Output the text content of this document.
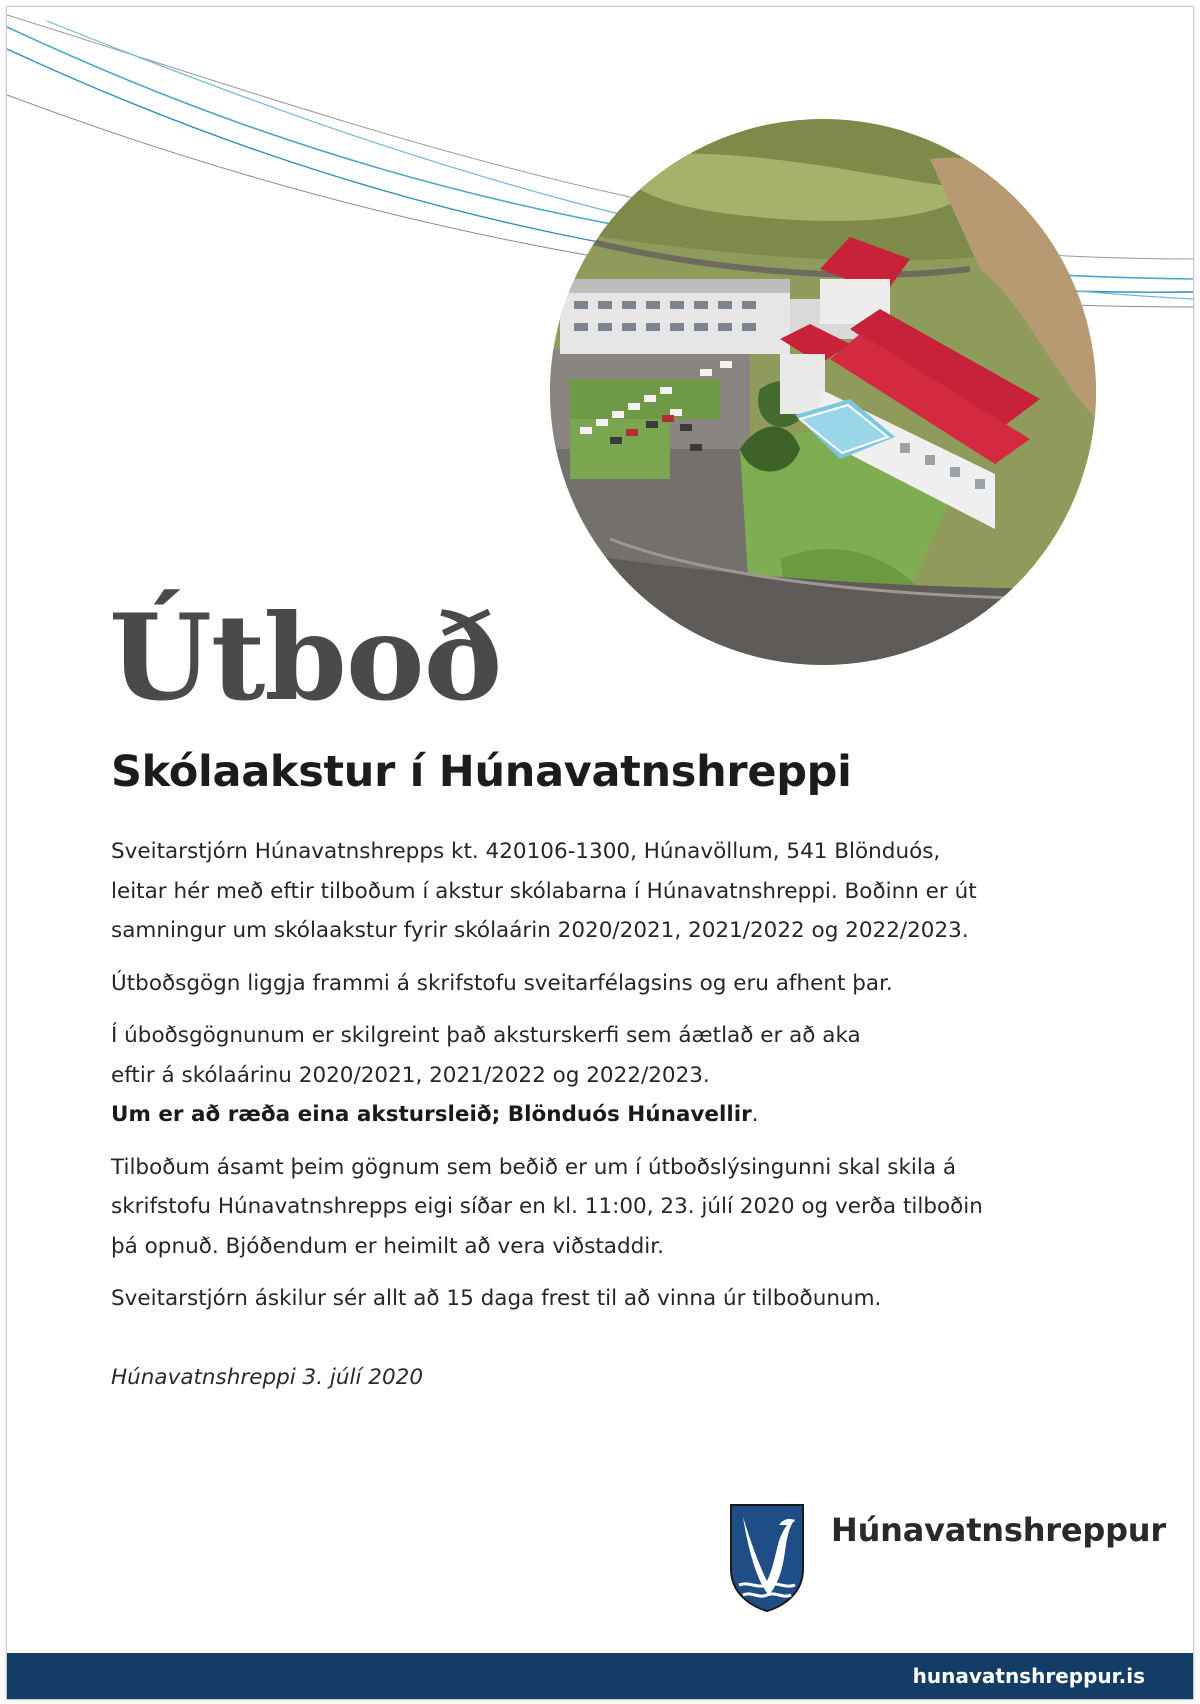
Útboð
Skólaakstur í Húnavatnshreppi

Sveitarstjórn Húnavatnshrepps kt. 420106-1300, Húnavöllum, 541 Blönduós,
leitar hér með eftir tilboðum í akstur skólabarna í Húnavatnshreppi. Boðinn er út
samningur um skólaakstur fyrir skólaárin 2020/2021, 2021/2022 og 2022/2023.

Útboðsgögn liggja frammi á skrifstofu sveitarfélagsins og eru afhent þar.

Í úboðsgögnunum er skilgreint það aksturskerfi sem áætlað er að aka
eftir á skólaárinu 2020/2021, 2021/2022 og 2022/2023.
Um er að ræða eina akstursleið; Blönduós Húnavellir.

Tilboðum ásamt þeim gögnum sem beðið er um í útboðslýsingunni skal skila á
skrifstofu Húnavatnshrepps eigi síðar en kl. 11:00, 23. júlí 2020 og verða tilboðin
þá opnuð. Bjóðendum er heimilt að vera viðstaddir.

Sveitarstjórn áskilur sér allt að 15 daga frest til að vinna úr tilboðunum.

Húnavatnshreppi 3. júlí 2020

Húnavatnshreppur

hunavatnshreppur.is
